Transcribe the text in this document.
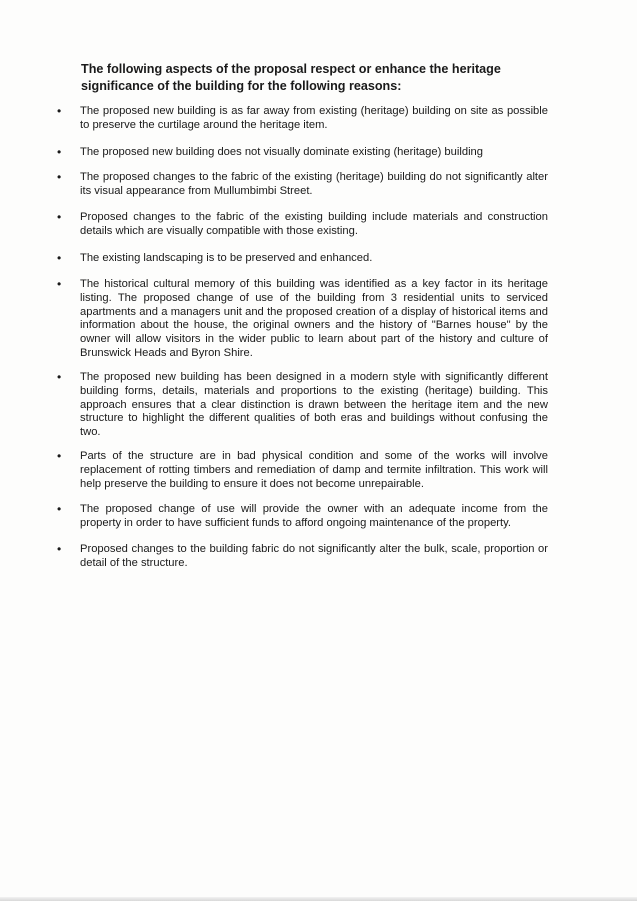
The following aspects of the proposal respect or enhance the heritage significance of the building for the following reasons:
•	The proposed new building is as far away from existing (heritage) building on site as possible to preserve the curtilage around the heritage item.

•	The proposed new building does not visually dominate existing (heritage) building

•	The proposed changes to the fabric of the existing (heritage) building do not significantly alter its visual appearance from Mullumbimbi Street.

•	Proposed changes to the fabric of the existing building include materials and construction details which are visually compatible with those existing.

•	The existing landscaping is to be preserved and enhanced.

•	The historical cultural memory of this building was identified as a key factor in its heritage listing. The proposed change of use of the building from 3 residential units to serviced apartments and a managers unit and the proposed creation of a display of historical items and information about the house, the original owners and the history of "Barnes house" by the owner will allow visitors in the wider public to learn about part of the history and culture of Brunswick Heads and Byron Shire.

•	The proposed new building has been designed in a modern style with significantly different building forms, details, materials and proportions to the existing (heritage) building. This approach ensures that a clear distinction is drawn between the heritage item and the new structure to highlight the different qualities of both eras and buildings without confusing the two.

•	Parts of the structure are in bad physical condition and some of the works will involve replacement of rotting timbers and remediation of damp and termite infiltration. This work will help preserve the building to ensure it does not become unrepairable.

•	The proposed change of use will provide the owner with an adequate income from the property in order to have sufficient funds to afford ongoing maintenance of the property.

•	Proposed changes to the building fabric do not significantly alter the bulk, scale, proportion or detail of the structure.
